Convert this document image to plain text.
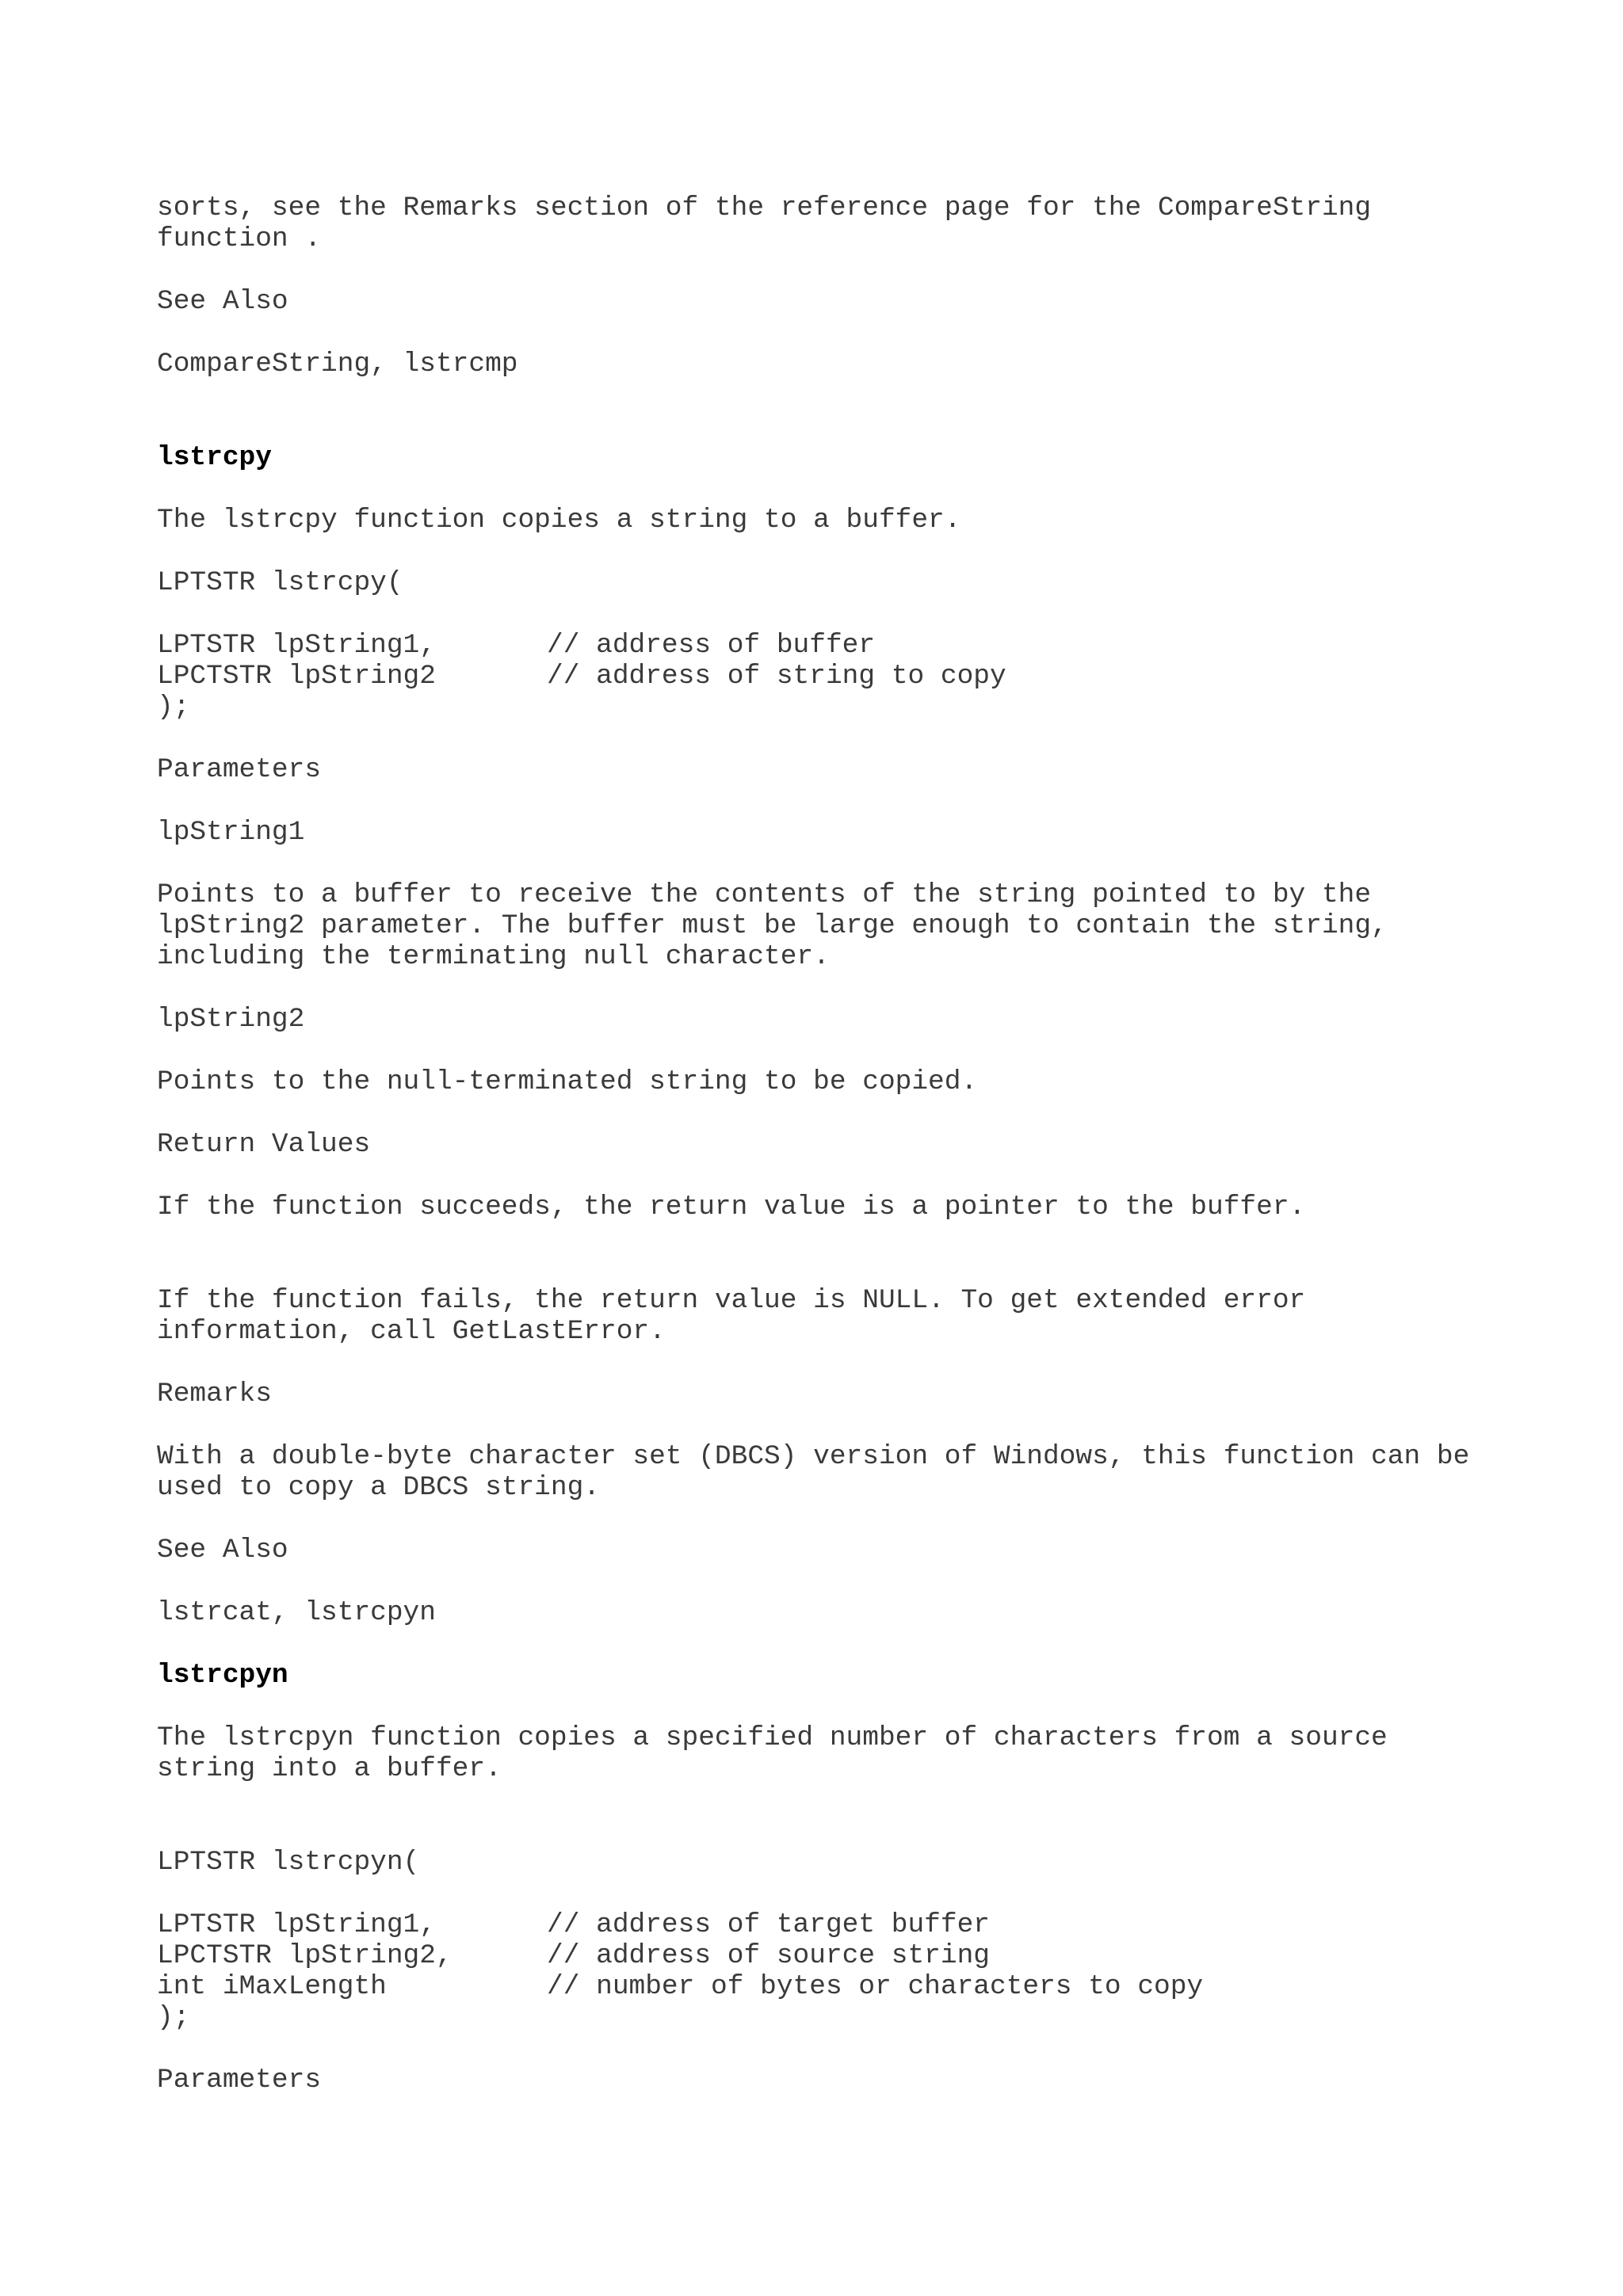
sorts, see the Remarks section of the reference page for the CompareString
function .
See Also
CompareString, lstrcmp
lstrcpy
The lstrcpy function copies a string to a buffer.
LPTSTR lstrcpy(
LPTSTR lpString1,	// address of buffer
LPCTSTR lpString2	// address of string to copy
);
Parameters
lpString1
Points to a buffer to receive the contents of the string pointed to by the
lpString2 parameter. The buffer must be large enough to contain the string,
including the terminating null character.
lpString2
Points to the null-terminated string to be copied.
Return Values
If the function succeeds, the return value is a pointer to the buffer.
If the function fails, the return value is NULL. To get extended error
information, call GetLastError.
Remarks
With a double-byte character set (DBCS) version of Windows, this function can be
used to copy a DBCS string.
See Also
lstrcat, lstrcpyn
lstrcpyn
The lstrcpyn function copies a specified number of characters from a source
string into a buffer.
LPTSTR lstrcpyn(
LPTSTR lpString1,	// address of target buffer
LPCTSTR lpString2,	// address of source string
int iMaxLength	// number of bytes or characters to copy
);
Parameters
